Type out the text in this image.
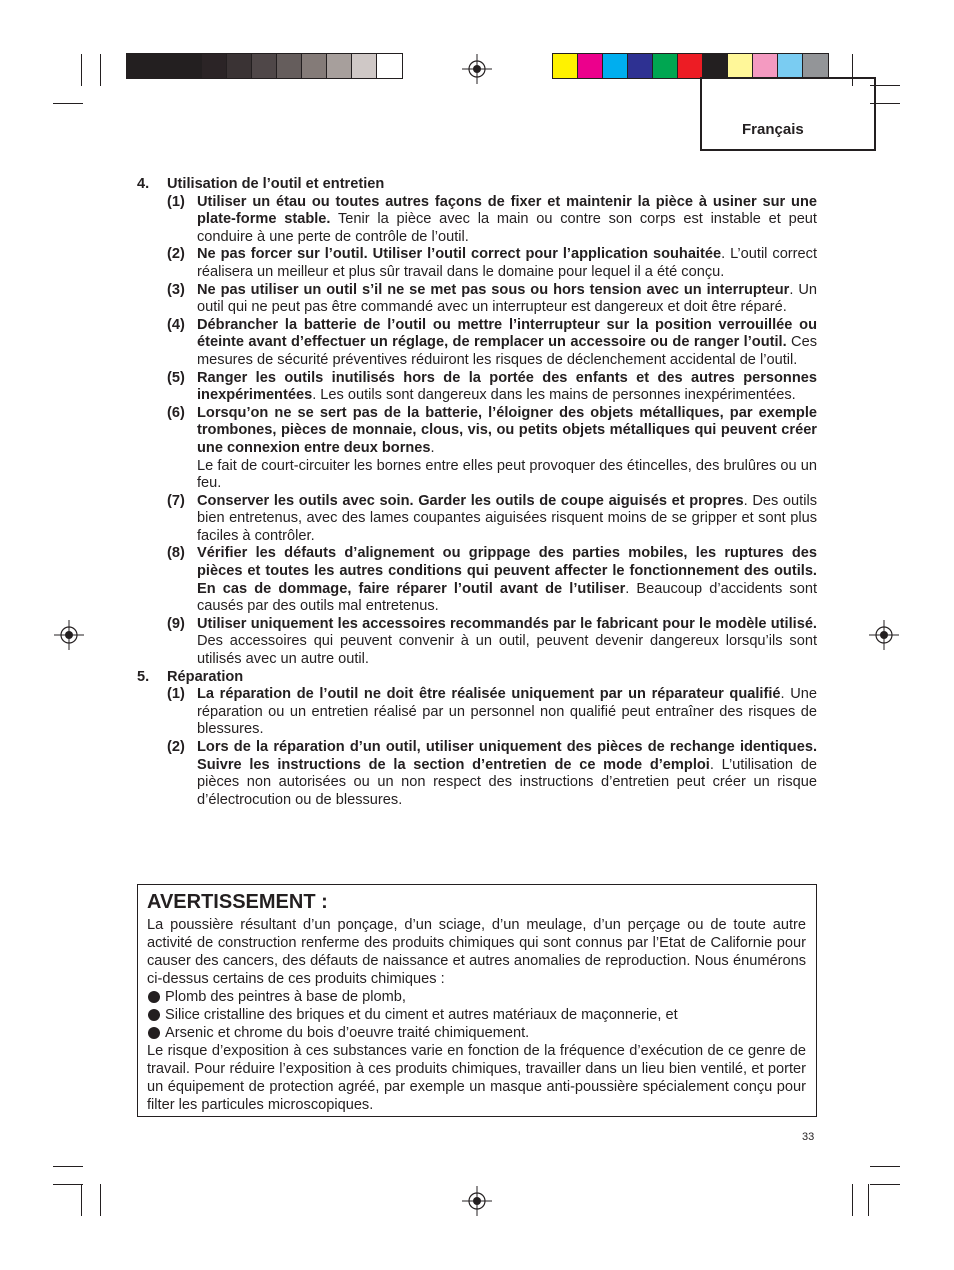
Français
4.	Utilisation de l’outil et entretien
(1) Utiliser un étau ou toutes autres façons de fixer et maintenir la pièce à usiner sur une plate-forme stable. Tenir la pièce avec la main ou contre son corps est instable et peut conduire à une perte de contrôle de l’outil.
(2) Ne pas forcer sur l’outil. Utiliser l’outil correct pour l’application souhaitée. L’outil correct réalisera un meilleur et plus sûr travail dans le domaine pour lequel il a été conçu.
(3) Ne pas utiliser un outil s’il ne se met pas sous ou hors tension avec un interrupteur. Un outil qui ne peut pas être commandé avec un interrupteur est dangereux et doit être réparé.
(4) Débrancher la batterie de l’outil ou mettre l’interrupteur sur la position verrouillée ou éteinte avant d’effectuer un réglage, de remplacer un accessoire ou de ranger l’outil. Ces mesures de sécurité préventives réduiront les risques de déclenchement accidental de l’outil.
(5) Ranger les outils inutilisés hors de la portée des enfants et des autres personnes inexpérimentées. Les outils sont dangereux dans les mains de personnes inexpérimentées.
(6) Lorsqu’on ne se sert pas de la batterie, l’éloigner des objets métalliques, par exemple trombones, pièces de monnaie, clous, vis, ou petits objets métalliques qui peuvent créer une connexion entre deux bornes.
Le fait de court-circuiter les bornes entre elles peut provoquer des étincelles, des brulûres ou un feu.
(7) Conserver les outils avec soin. Garder les outils de coupe aiguisés et propres. Des outils bien entretenus, avec des lames coupantes aiguisées risquent moins de se gripper et sont plus faciles à contrôler.
(8) Vérifier les défauts d’alignement ou grippage des parties mobiles, les ruptures des pièces et toutes les autres conditions qui peuvent affecter le fonctionnement des outils. En cas de dommage, faire réparer l’outil avant de l’utiliser. Beaucoup d’accidents sont causés par des outils mal entretenus.
(9) Utiliser uniquement les accessoires recommandés par le fabricant pour le modèle utilisé. Des accessoires qui peuvent convenir à un outil, peuvent devenir dangereux lorsqu’ils sont utilisés avec un autre outil.
5.	Réparation
(1) La réparation de l’outil ne doit être réalisée uniquement par un réparateur qualifié. Une réparation ou un entretien réalisé par un personnel non qualifié peut entraîner des risques de blessures.
(2) Lors de la réparation d’un outil, utiliser uniquement des pièces de rechange identiques. Suivre les instructions de la section d’entretien de ce mode d’emploi. L’utilisation de pièces non autorisées ou un non respect des instructions d’entretien peut créer un risque d’électrocution ou de blessures.
AVERTISSEMENT :

La poussière résultant d’un ponçage, d’un sciage, d’un meulage, d’un perçage ou de toute autre activité de construction renferme des produits chimiques qui sont connus par l’Etat de Californie pour causer des cancers, des défauts de naissance et autres anomalies de reproduction. Nous énumérons ci-dessus certains de ces produits chimiques :

Plomb des peintres à base de plomb,
Silice cristalline des briques et du ciment et autres matériaux de maçonnerie, et
Arsenic et chrome du bois d’oeuvre traité chimiquement.

Le risque d’exposition à ces substances varie en fonction de la fréquence d’exécution de ce genre de travail. Pour réduire l’exposition à ces produits chimiques, travailler dans un lieu bien ventilé, et porter un équipement de protection agréé, par exemple un masque anti-poussière spécialement conçu pour filter les particules microscopiques.

33
